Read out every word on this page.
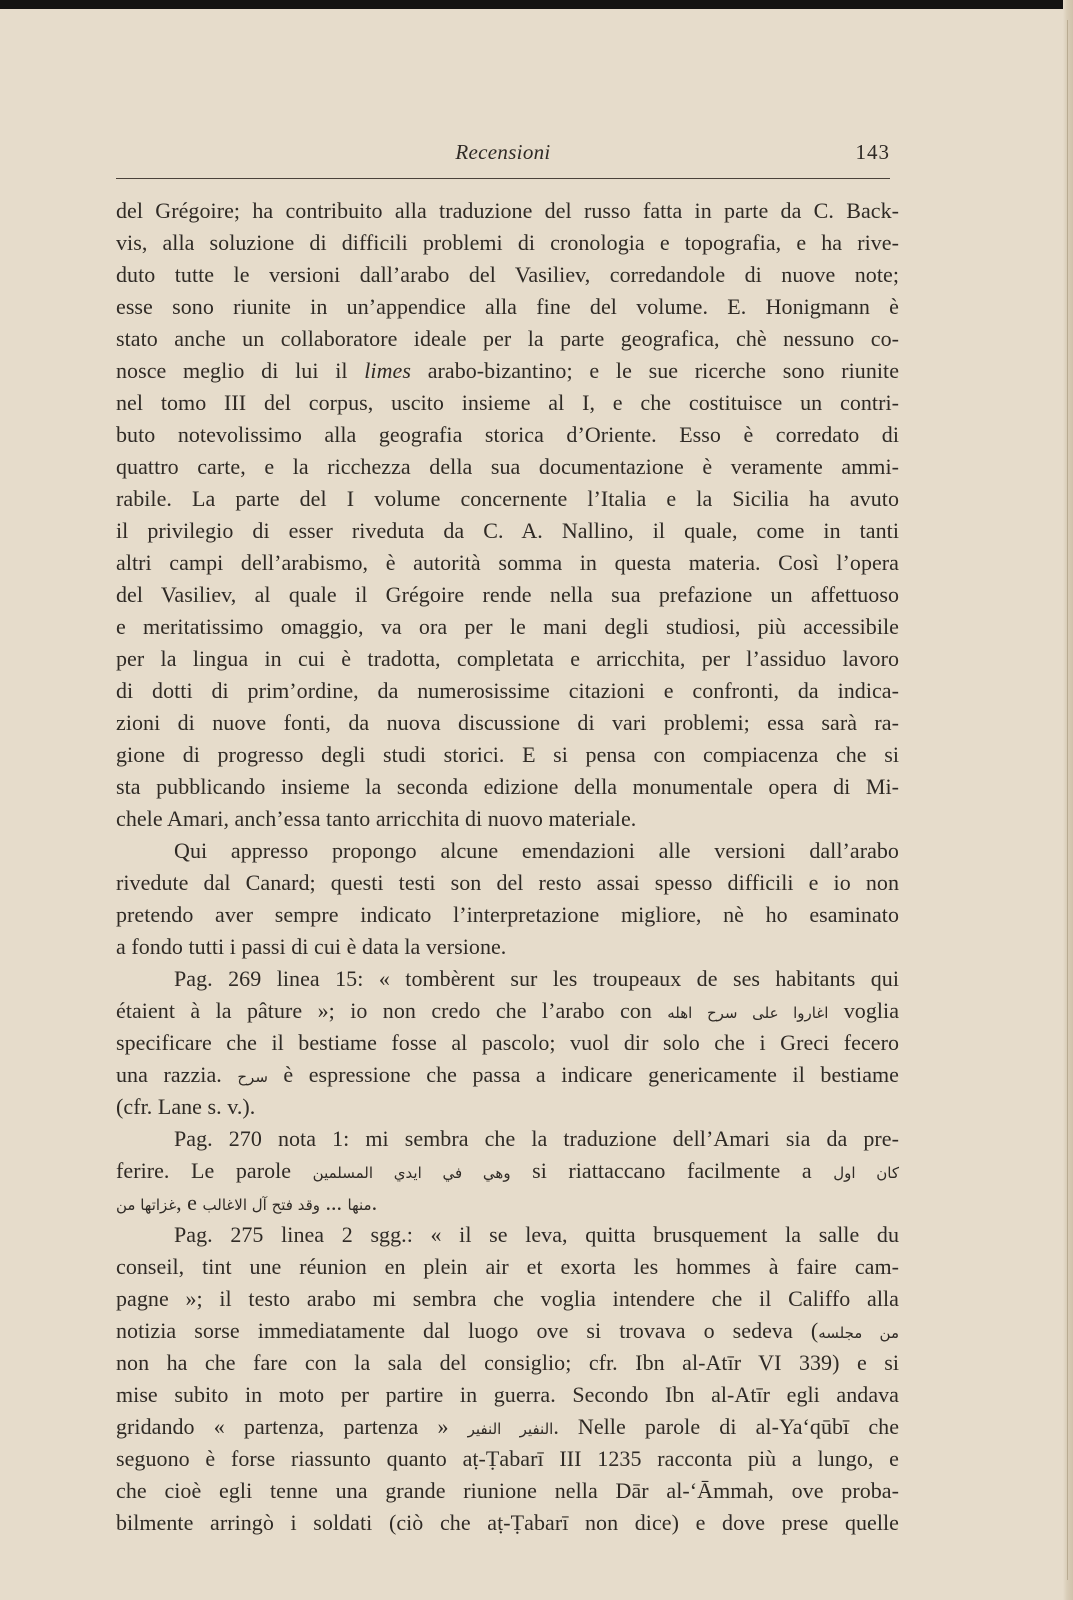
Recensioni	143
del Grégoire; ha contribuito alla traduzione del russo fatta in parte da C. Back-
vis, alla soluzione di difficili problemi di cronologia e topografia, e ha rive-
duto tutte le versioni dall’arabo del Vasiliev, corredandole di nuove note;
esse sono riunite in un’appendice alla fine del volume. E. Honigmann è
stato anche un collaboratore ideale per la parte geografica, chè nessuno co-
nosce meglio di lui il limes arabo-bizantino; e le sue ricerche sono riunite
nel tomo III del corpus, uscito insieme al I, e che costituisce un contri-
buto notevolissimo alla geografia storica d’Oriente. Esso è corredato di
quattro carte, e la ricchezza della sua documentazione è veramente ammi-
rabile. La parte del I volume concernente l’Italia e la Sicilia ha avuto
il privilegio di esser riveduta da C. A. Nallino, il quale, come in tanti
altri campi dell’arabismo, è autorità somma in questa materia. Così l’opera
del Vasiliev, al quale il Grégoire rende nella sua prefazione un affettuoso
e meritatissimo omaggio, va ora per le mani degli studiosi, più accessibile
per la lingua in cui è tradotta, completata e arricchita, per l’assiduo lavoro
di dotti di prim’ordine, da numerosissime citazioni e confronti, da indica-
zioni di nuove fonti, da nuova discussione di vari problemi; essa sarà ra-
gione di progresso degli studi storici. E si pensa con compiacenza che si
sta pubblicando insieme la seconda edizione della monumentale opera di Mi-
chele Amari, anch’essa tanto arricchita di nuovo materiale.
Qui appresso propongo alcune emendazioni alle versioni dall’arabo
rivedute dal Canard; questi testi son del resto assai spesso difficili e io non
pretendo aver sempre indicato l’interpretazione migliore, nè ho esaminato
a fondo tutti i passi di cui è data la versione.
Pag. 269 linea 15: « tombèrent sur les troupeaux de ses habitants qui
étaient à la pâture »; io non credo che l’arabo con اغاروا على سرح اهله voglia
specificare che il bestiame fosse al pascolo; vuol dir solo che i Greci fecero
una razzia. سرح è espressione che passa a indicare genericamente il bestiame
(cfr. Lane s. v.).
Pag. 270 nota 1: mi sembra che la traduzione dell’Amari sia da pre-
ferire. Le parole وهي في ايدي المسلمين si riattaccano facilmente a كان اول
غزاتها من, e	منها ... وقد فتح آل الاغالب .
Pag. 275 linea 2 sgg.: « il se leva, quitta brusquement la salle du
conseil, tint une réunion en plein air et exorta les hommes à faire cam-
pagne »; il testo arabo mi sembra che voglia intendere che il Califfo alla
notizia sorse immediatamente dal luogo ove si trovava o sedeva (من مجلسه
non ha che fare con la sala del consiglio; cfr. Ibn al-Atīr VI 339) e si
mise subito in moto per partire in guerra. Secondo Ibn al-Atīr egli andava
gridando « partenza, partenza » النفير النفير. Nelle parole di al-Ya‘qūbī che
seguono è forse riassunto quanto aṭ-Ṭabarī III 1235 racconta più a lungo, e
che cioè egli tenne una grande riunione nella Dār al-‘Āmmah, ove proba-
bilmente arringò i soldati (ciò che aṭ-Ṭabarī non dice) e dove prese quelle
